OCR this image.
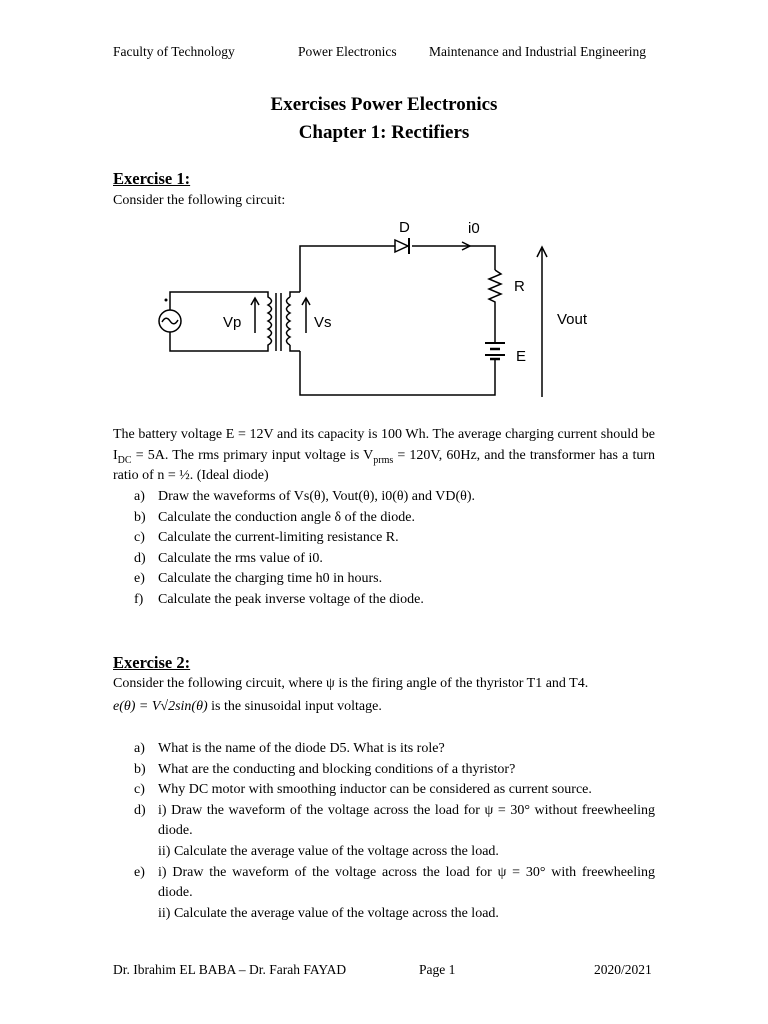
Faculty of Technology	Power Electronics Maintenance and Industrial Engineering
Exercises Power Electronics
Chapter 1: Rectifiers
Exercise 1:
Consider the following circuit:
D	i0
R
E
Vp	Vs	Vout
The battery voltage E = 12V and its capacity is 100 Wh. The average charging current should be $I_{DC} = 5A$. The rms primary input voltage is $V_{prms} = 120V$, 60Hz, and the transformer has a turn ratio of n = ½. (Ideal diode)
a) Draw the waveforms of Vs(θ), Vout(θ), i0(θ) and VD(θ).
b) Calculate the conduction angle δ of the diode.
c) Calculate the current-limiting resistance R.
d) Calculate the rms value of i0.
e) Calculate the charging time h0 in hours.
f) Calculate the peak inverse voltage of the diode.
Exercise 2:
Consider the following circuit, where ψ is the firing angle of the thyristor T1 and T4.
e(θ) = V√2sin(θ) is the sinusoidal input voltage.
a) What is the name of the diode D5. What is its role?
b) What are the conducting and blocking conditions of a thyristor?
c) Why DC motor with smoothing inductor can be considered as current source.
d) i) Draw the waveform of the voltage across the load for ψ = 30° without freewheeling diode.
ii) Calculate the average value of the voltage across the load.
e) i) Draw the waveform of the voltage across the load for ψ = 30° with freewheeling diode.
ii) Calculate the average value of the voltage across the load.
Dr. Ibrahim EL BABA – Dr. Farah FAYAD	Page 1	2020/2021
